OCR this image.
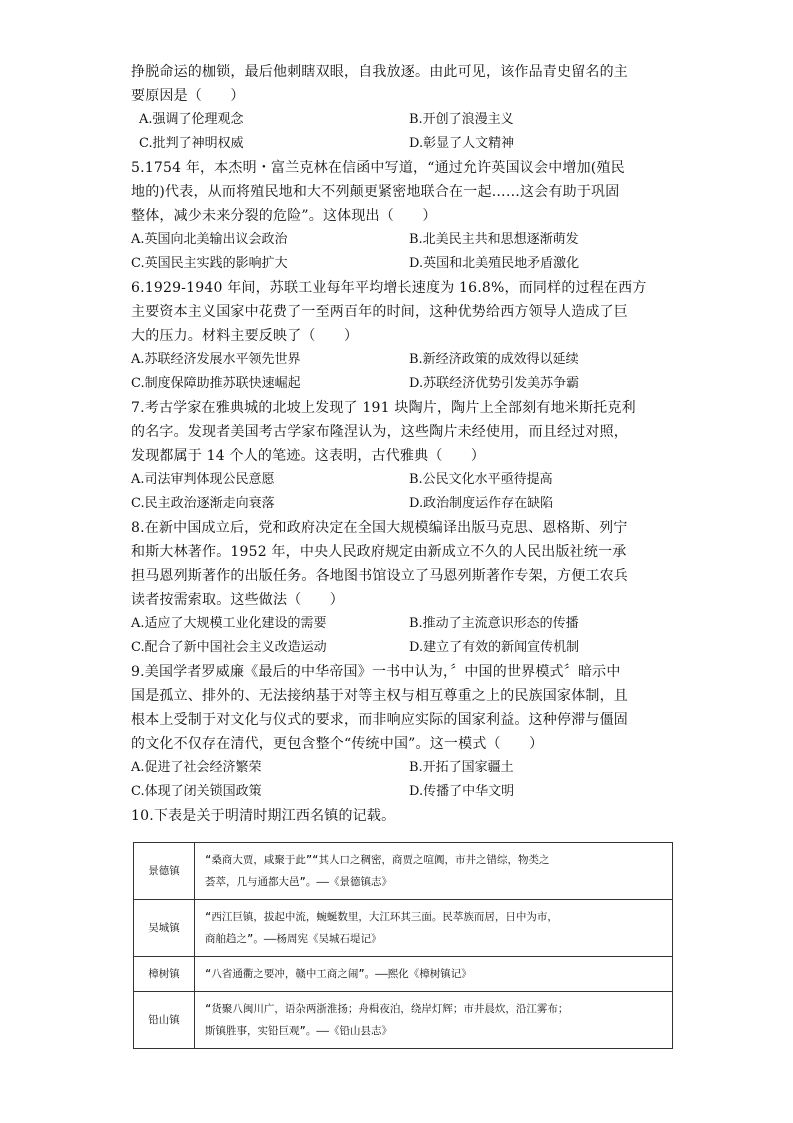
挣脱命运的枷锁，最后他刺瞎双眼，自我放逐。由此可见，该作品青史留名的主
要原因是（　　）
A.强调了伦理观念	B.开创了浪漫主义
C.批判了神明权威	D.彰显了人文精神
5.1754 年，本杰明・富兰克林在信函中写道，“通过允许英国议会中增加(殖民
地的)代表，从而将殖民地和大不列颠更紧密地联合在一起……这会有助于巩固
整体，减少未来分裂的危险”。这体现出（　　）
A.英国向北美输出议会政治	B.北美民主共和思想逐渐萌发
C.英国民主实践的影响扩大	D.英国和北美殖民地矛盾激化
6.1929-1940 年间，苏联工业每年平均增长速度为 16.8%，而同样的过程在西方
主要资本主义国家中花费了一至两百年的时间，这种优势给西方领导人造成了巨
大的压力。材料主要反映了（　　）
A.苏联经济发展水平领先世界	B.新经济政策的成效得以延续
C.制度保障助推苏联快速崛起	D.苏联经济优势引发美苏争霸
7.考古学家在雅典城的北坡上发现了 191 块陶片，陶片上全部刻有地米斯托克利
的名字。发现者美国考古学家布隆涅认为，这些陶片未经使用，而且经过对照，
发现都属于 14 个人的笔迹。这表明，古代雅典（　　）
A.司法审判体现公民意愿	B.公民文化水平亟待提高
C.民主政治逐渐走向衰落	D.政治制度运作存在缺陷
8.在新中国成立后，党和政府决定在全国大规模编译出版马克思、恩格斯、列宁
和斯大林著作。1952 年，中央人民政府规定由新成立不久的人民出版社统一承
担马恩列斯著作的出版任务。各地图书馆设立了马恩列斯著作专架，方便工农兵
读者按需索取。这些做法（　　）
A.适应了大规模工业化建设的需要	B.推动了主流意识形态的传播
C.配合了新中国社会主义改造运动	D.建立了有效的新闻宣传机制
9.美国学者罗威廉《最后的中华帝国》一书中认为，〞中国的世界模式〞暗示中
国是孤立、排外的、无法接纳基于对等主权与相互尊重之上的民族国家体制，且
根本上受制于对文化与仪式的要求，而非响应实际的国家利益。这种停滞与僵固
的文化不仅存在清代，更包含整个“传统中国”。这一模式（　　）
A.促进了社会经济繁荣	B.开拓了国家疆土
C.体现了闭关锁国政策	D.传播了中华文明
10.下表是关于明清时期江西名镇的记载。
景德镇	“桑商大贾，咸聚于此”“其人口之稠密，商贾之喧阗，市井之错综，物类之
荟萃，几与通都大邑”。——《景德镇志》

吴城镇	“西江巨镇，拔起中流，蜿蜒数里，大江环其三面。民萃族而居，日中为市，
商舶趋之”。——杨周宪《吴城石堤记》

樟树镇	“八省通衢之要冲，赣中工商之闹”。——熙化《樟树镇记》

铅山镇	“货聚八闽川广，语杂两浙淮扬；舟楫夜泊，绕岸灯辉；市井晨炊，沿江雾布；
斯镇胜事，实铅巨观”。——《铅山县志》
